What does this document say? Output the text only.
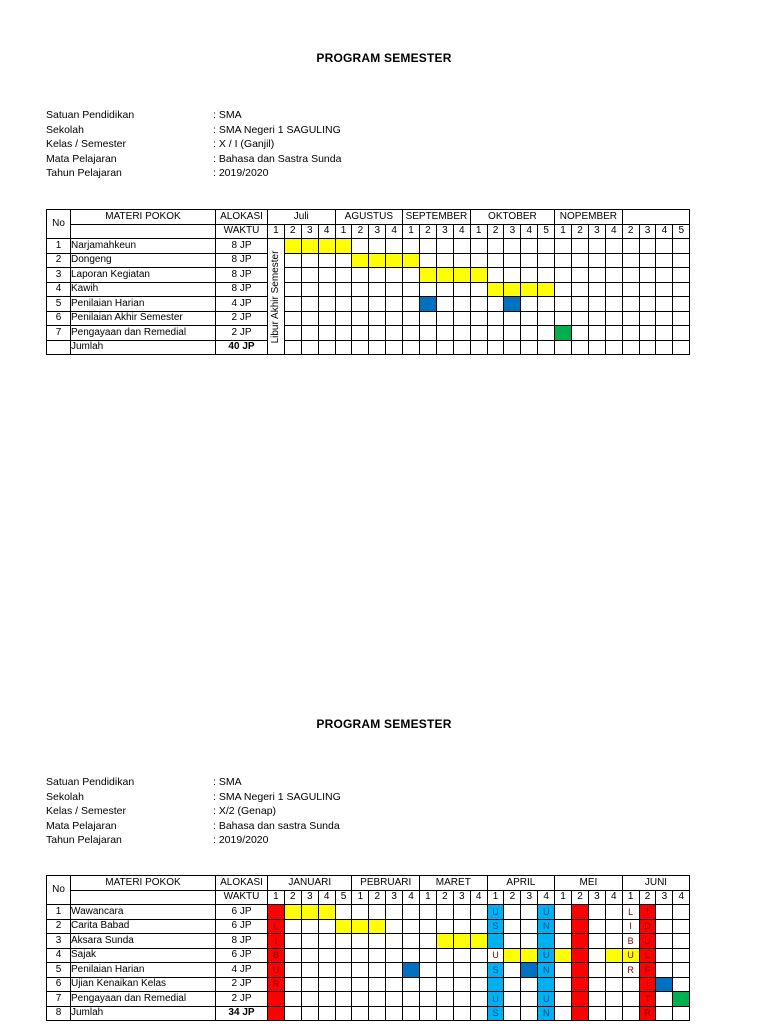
PROGRAM SEMESTER
Satuan Pendidikan	: SMA
Sekolah	: SMA Negeri 1 SAGULING
Kelas / Semester	: X / I (Ganjil)
Mata Pelajaran	: Bahasa dan Sastra Sunda
Tahun Pelajaran	: 2019/2020
No	MATERI POKOK	ALOKASI	Juli				AGUSTUS				SEPTEMBER				OKTOBER					NOPEMBER							
		WAKTU	1	2	3	4	1	2	3	4	1	2	3	4	1	2	3	4	5	1	2	3	4	2	3	4	5
1	Narjamahkeun	8 JP	Libur Akhir Semester																								

2	Dongeng	8 JP																									
3	Laporan Kegiatan	8 JP																									
4	Kawih	8 JP																									
5	Penilaian Harian	4 JP																									
6	Penilaian Akhir Semester	2 JP																									
7	Pengayaan dan Remedial	2 JP																									
	Jumlah	40 JP																									
PROGRAM SEMESTER
Satuan Pendidikan	: SMA
Sekolah	: SMA Negeri 1 SAGULING
Kelas / Semester	: X/2 (Genap)
Mata Pelajaran	: Bahasa dan sastra Sunda
Tahun Pelajaran	: 2019/2020
No	MATERI POKOK	ALOKASI	JANUARI					PEBRUARI				MARET				APRIL				MEI				JUNI			
		WAKTU	1	2	3	4	5	1	2	3	4	1	2	3	4	1	2	3	4	1	2	3	4	1	2	3	4
1	Wawancara	6 JP														U			U					L	I		
2	Carita Babad	6 JP	L													S			N					I	D		
3	Aksara Sunda	8 JP	I																					B	U		
4	Sajak	6 JP	B													U			U					U	L		
5	Penilaian Harian	4 JP	U													S			N					R	F		
6	Ujian Kenaikan Kelas	2 JP	R																						I		
7	Pengayaan dan Remedial	2 JP														U			U						T		
8	Jumlah	34 JP														S			N						R		
